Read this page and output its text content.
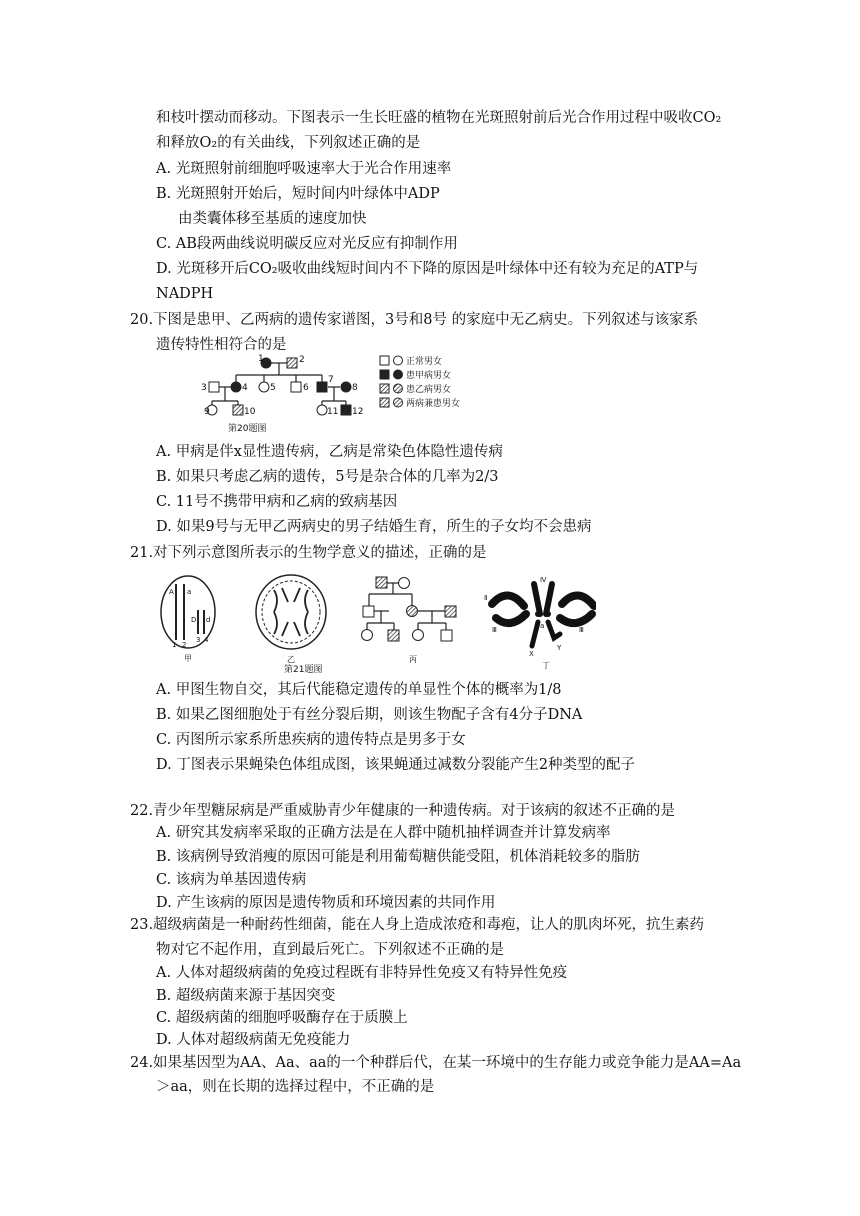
和枝叶摆动而移动。下图表示一生长旺盛的植物在光斑照射前后光合作用过程中吸收CO₂
和释放O₂的有关曲线，下列叙述正确的是
A. 光斑照射前细胞呼吸速率大于光合作用速率
B. 光斑照射开始后，短时间内叶绿体中ADP
由类囊体移至基质的速度加快
C. AB段两曲线说明碳反应对光反应有抑制作用
D. 光斑移开后CO₂吸收曲线短时间内不下降的原因是叶绿体中还有较为充足的ATP与
NADPH
20.下图是患甲、乙两病的遗传家谱图，3号和8号 的家庭中无乙病史。下列叙述与该家系
遗传特性相符合的是
1	2
3	4 5	6
7
8
9	10	11 12
第20题图
正常男女
患甲病男女
患乙病男女
两病兼患男女
A. 甲病是伴x显性遗传病，乙病是常染色体隐性遗传病
B. 如果只考虑乙病的遗传，5号是杂合体的几率为2/3
C. 11号不携带甲病和乙病的致病基因
D. 如果9号与无甲乙两病史的男子结婚生育，所生的子女均不会患病
21.对下列示意图所表示的生物学意义的描述，正确的是
A a
D d
1 2
3 4
甲	乙
第21题图
丙
Ⅳ
Ⅱ
Ⅲ
Ⅱ
Ⅲ
a
X
Y
丁
A. 甲图生物自交，其后代能稳定遗传的单显性个体的概率为1/8
B. 如果乙图细胞处于有丝分裂后期，则该生物配子含有4分子DNA
C. 丙图所示家系所患疾病的遗传特点是男多于女
D. 丁图表示果蝇染色体组成图，该果蝇通过减数分裂能产生2种类型的配子
22.青少年型糖尿病是严重威胁青少年健康的一种遗传病。对于该病的叙述不正确的是
A. 研究其发病率采取的正确方法是在人群中随机抽样调查并计算发病率
B. 该病例导致消瘦的原因可能是利用葡萄糖供能受阻，机体消耗较多的脂肪
C. 该病为单基因遗传病
D. 产生该病的原因是遗传物质和环境因素的共同作用
23.超级病菌是一种耐药性细菌，能在人身上造成浓疮和毒疱，让人的肌肉坏死，抗生素药
物对它不起作用，直到最后死亡。下列叙述不正确的是
A. 人体对超级病菌的免疫过程既有非特异性免疫又有特异性免疫
B. 超级病菌来源于基因突变
C. 超级病菌的细胞呼吸酶存在于质膜上
D. 人体对超级病菌无免疫能力
24.如果基因型为AA、Aa、aa的一个种群后代，在某一环境中的生存能力或竞争能力是AA=Aa
＞aa，则在长期的选择过程中，不正确的是
